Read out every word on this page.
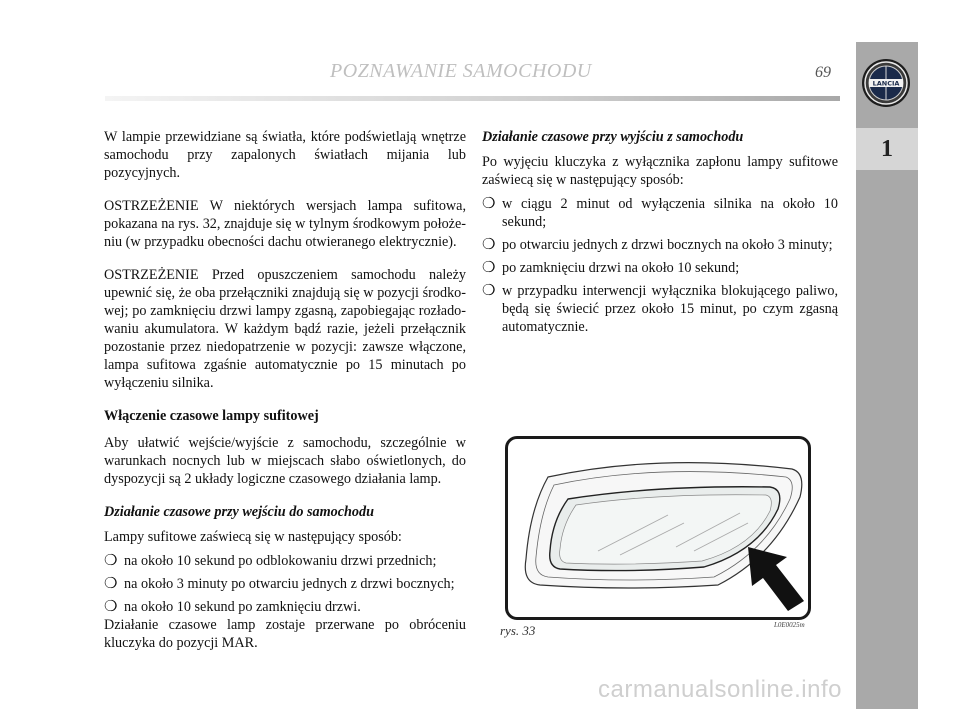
POZNAWANIE SAMOCHODU	69
LANCIA
1

W lampie przewidziane są światła, które podświetlają wnętrze samochodu przy zapalonych światłach mijania lub pozycyjnych.

OSTRZEŻENIE W niektórych wersjach lampa sufitowa, pokazana na rys. 32, znajduje się w tylnym środkowym położe-niu (w przypadku obecności dachu otwieranego elektrycznie).

OSTRZEŻENIE Przed opuszczeniem samochodu należy upewnić się, że oba przełączniki znajdują się w pozycji środko-wej; po zamknięciu drzwi lampy zgasną, zapobiegając rozłado-waniu akumulatora. W każdym bądź razie, jeżeli przełącznik pozostanie przez niedopatrzenie w pozycji: zawsze włączone, lampa sufitowa zgaśnie automatycznie po 15 minutach po wyłączeniu silnika.

Włączenie czasowe lampy sufitowej

Aby ułatwić wejście/wyjście z samochodu, szczególnie w warunkach nocnych lub w miejscach słabo oświetlonych, do dyspozycji są 2 układy logiczne czasowego działania lamp.

Działanie czasowe przy wejściu do samochodu
Lampy sufitowe zaświecą się w następujący sposób:
❍ na około 10 sekund po odblokowaniu drzwi przednich;
❍ na około 3 minuty po otwarciu jednych z drzwi bocznych;
❍ na około 10 sekund po zamknięciu drzwi.

Działanie czasowe lamp zostaje przerwane po obróceniu kluczyka do pozycji MAR.

Działanie czasowe przy wyjściu z samochodu
Po wyjęciu kluczyka z wyłącznika zapłonu lampy sufitowe zaświecą się w następujący sposób:
❍ w ciągu 2 minut od wyłączenia silnika na około 10 sekund;
❍ po otwarciu jednych z drzwi bocznych na około 3 minuty;
❍ po zamknięciu drzwi na około 10 sekund;
❍ w przypadku interwencji wyłącznika blokującego paliwo, będą się świecić przez około 15 minut, po czym zgasną automatycznie.
rys. 33	L0E0025m
carmanualsonline.info
